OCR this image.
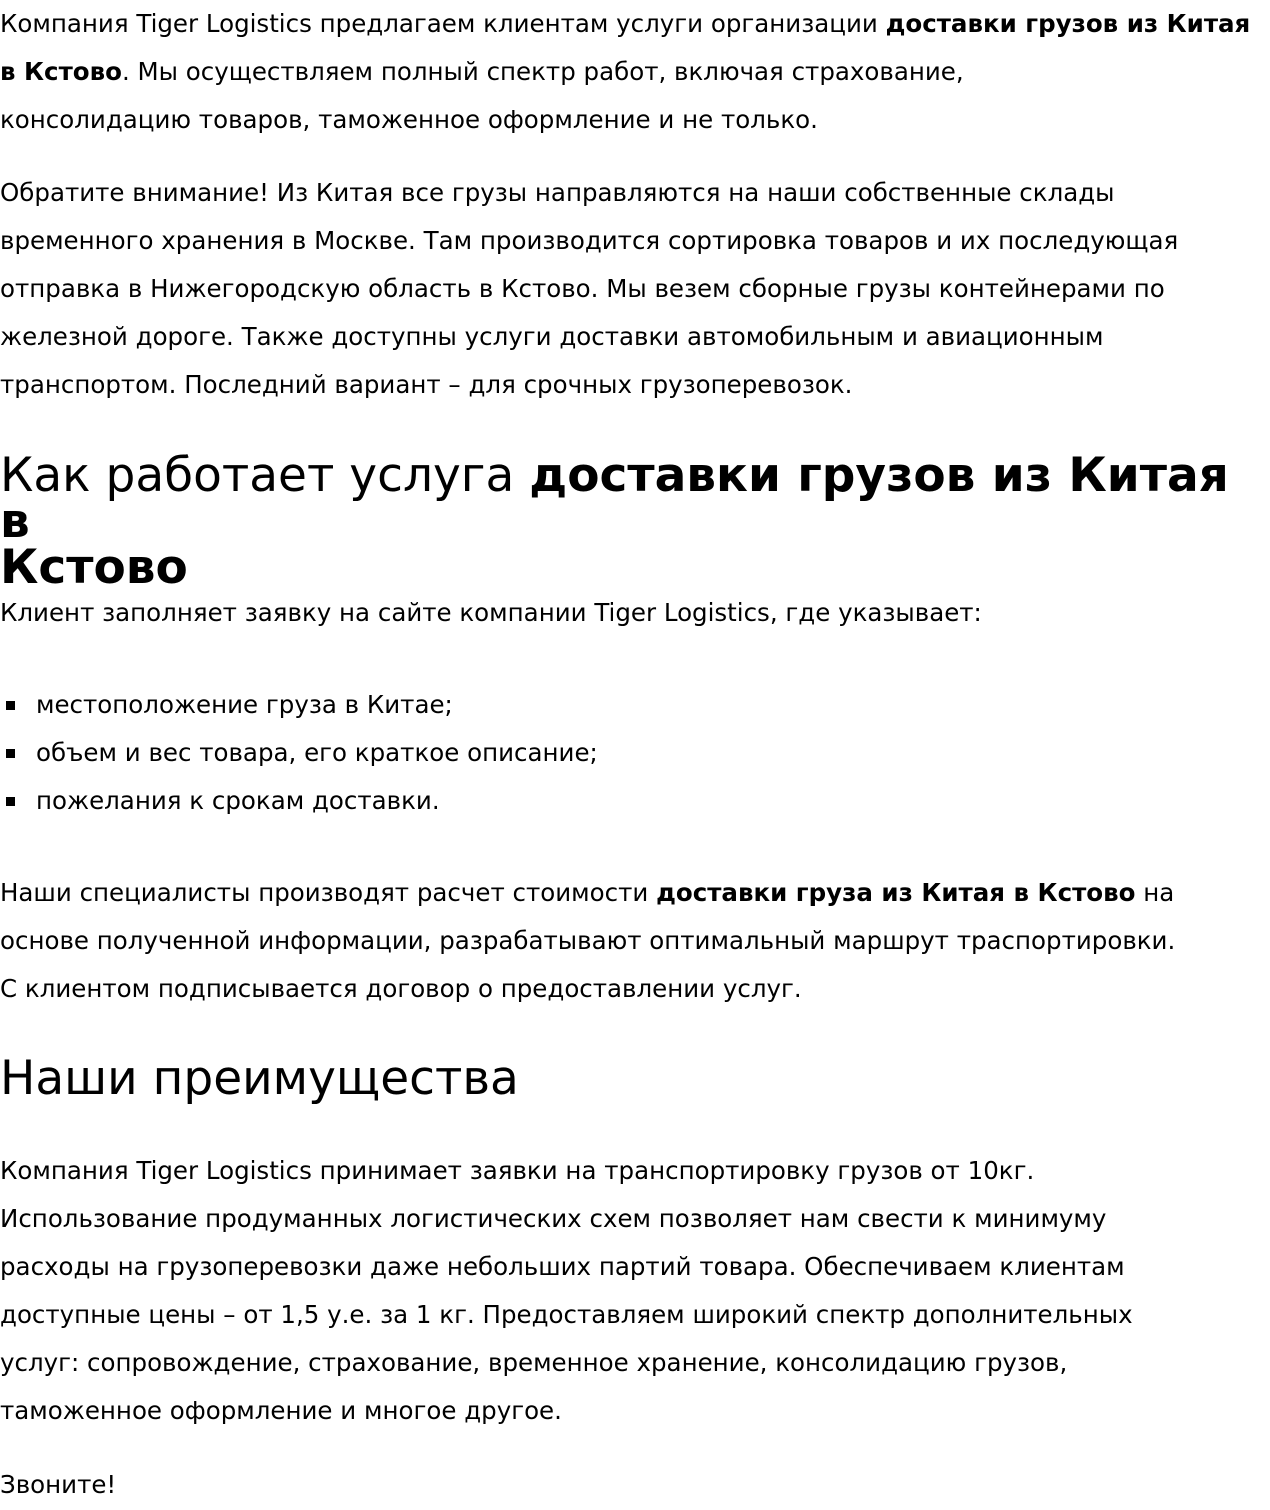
Компания Tiger Logistics предлагаем клиентам услуги организации доставки грузов из Китая в Кстово. Мы осуществляем полный спектр работ, включая страхование,
консолидацию товаров, таможенное оформление и не только.

Обратите внимание! Из Китая все грузы направляются на наши собственные склады
временного хранения в Москве. Там производится сортировка товаров и их последующая
отправка в Нижегородскую область в Кстово. Мы везем сборные грузы контейнерами по
железной дороге. Также доступны услуги доставки автомобильным и авиационным
транспортом. Последний вариант – для срочных грузоперевозок.

Как работает услуга доставки грузов из Китая в
Кстово

Клиент заполняет заявку на сайте компании Tiger Logistics, где указывает:

местоположение груза в Китае;
объем и вес товара, его краткое описание;
пожелания к срокам доставки.

Наши специалисты производят расчет стоимости доставки груза из Китая в Кстово на
основе полученной информации, разрабатывают оптимальный маршрут траспортировки.
С клиентом подписывается договор о предоставлении услуг.

Наши преимущества

Компания Tiger Logistics принимает заявки на транспортировку грузов от 10кг.
Использование продуманных логистических схем позволяет нам свести к минимуму
расходы на грузоперевозки даже небольших партий товара. Обеспечиваем клиентам
доступные цены – от 1,5 у.е. за 1 кг. Предоставляем широкий спектр дополнительных
услуг: сопровождение, страхование, временное хранение, консолидацию грузов,
таможенное оформление и многое другое.

Звоните!
